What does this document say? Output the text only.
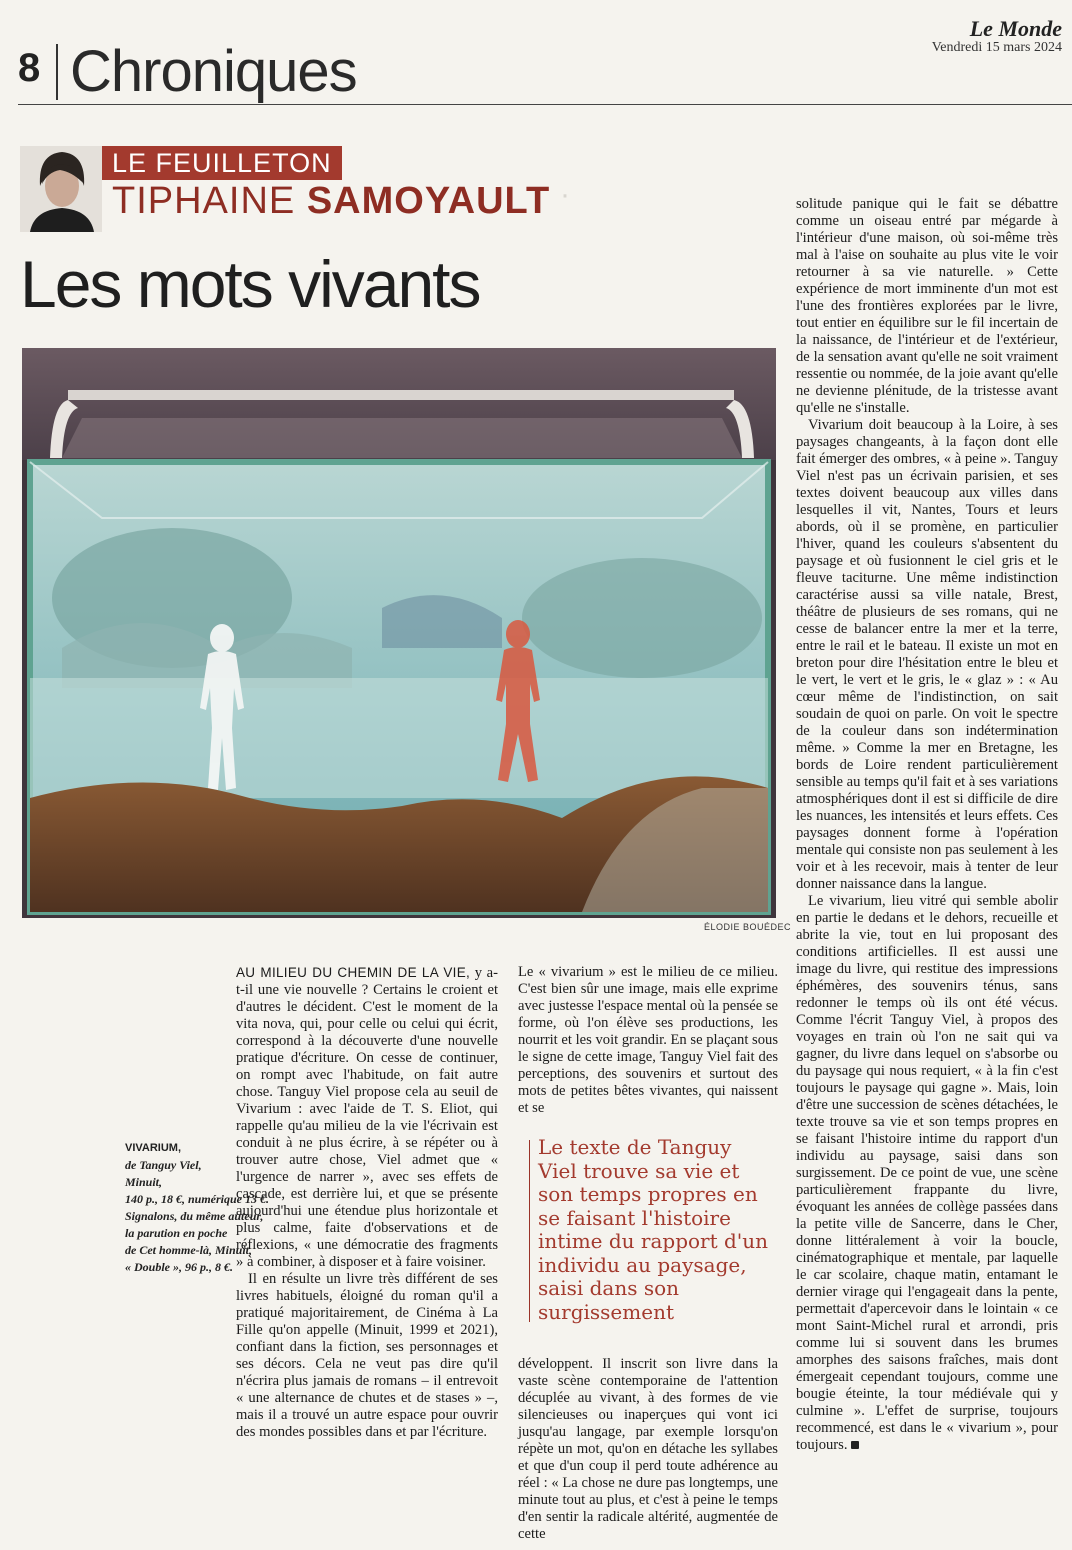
·
8 Chroniques
Le Monde
Vendredi 15 mars 2024
LE FEUILLETON
TIPHAINE SAMOYAULT
Les mots vivants
ÉLODIE BOUÉDEC

solitude panique qui le fait se débattre comme un oiseau entré par mégarde à l'intérieur d'une maison, où soi-même très mal à l'aise on souhaite au plus vite le voir retourner à sa vie naturelle. » Cette expérience de mort imminente d'un mot est l'une des frontières explorées par le livre, tout entier en équilibre sur le fil incertain de la naissance, de l'intérieur et de l'extérieur, de la sensation avant qu'elle ne soit vraiment ressentie ou nommée, de la joie avant qu'elle ne devienne plénitude, de la tristesse avant qu'elle ne s'installe.

Vivarium doit beaucoup à la Loire, à ses paysages changeants, à la façon dont elle fait émerger des ombres, « à peine ». Tanguy Viel n'est pas un écrivain parisien, et ses textes doivent beaucoup aux villes dans lesquelles il vit, Nantes, Tours et leurs abords, où il se promène, en particulier l'hiver, quand les couleurs s'absentent du paysage et où fusionnent le ciel gris et le fleuve taciturne. Une même indistinction caractérise aussi sa ville natale, Brest, théâtre de plusieurs de ses romans, qui ne cesse de balancer entre la mer et la terre, entre le rail et le bateau. Il existe un mot en breton pour dire l'hésitation entre le bleu et le vert, le vert et le gris, le « glaz » : « Au cœur même de l'indistinction, on sait soudain de quoi on parle. On voit le spectre de la couleur dans son indétermination même. » Comme la mer en Bretagne, les bords de Loire rendent particulièrement sensible au temps qu'il fait et à ses variations atmosphériques dont il est si difficile de dire les nuances, les intensités et leurs effets. Ces paysages donnent forme à l'opération mentale qui consiste non pas seulement à les voir et à les recevoir, mais à tenter de leur donner naissance dans la langue.

Le vivarium, lieu vitré qui semble abolir en partie le dedans et le dehors, recueille et abrite la vie, tout en lui proposant des conditions artificielles. Il est aussi une image du livre, qui restitue des impressions éphémères, des souvenirs ténus, sans redonner le temps où ils ont été vécus. Comme l'écrit Tanguy Viel, à propos des voyages en train où l'on ne sait qui va gagner, du livre dans lequel on s'absorbe ou du paysage qui nous requiert, « à la fin c'est toujours le paysage qui gagne ». Mais, loin d'être une succession de scènes détachées, le texte trouve sa vie et son temps propres en se faisant l'histoire intime du rapport d'un individu au paysage, saisi dans son surgissement. De ce point de vue, une scène particulièrement frappante du livre, évoquant les années de collège passées dans la petite ville de Sancerre, dans le Cher, donne littéralement à voir la boucle, cinématographique et mentale, par laquelle le car scolaire, chaque matin, entamant le dernier virage qui l'engageait dans la pente, permettait d'apercevoir dans le lointain « ce mont Saint-Michel rural et arrondi, pris comme lui si souvent dans les brumes amorphes des saisons fraîches, mais dont émergeait cependant toujours, comme une bougie éteinte, la tour médiévale qui y culmine ». L'effet de surprise, toujours recommencé, est dans le « vivarium », pour toujours.

AU MILIEU DU CHEMIN DE LA VIE, y a-t-il une vie nouvelle ? Certains le croient et d'autres le décident. C'est le moment de la vita nova, qui, pour celle ou celui qui écrit, correspond à la découverte d'une nouvelle pratique d'écriture. On cesse de continuer, on rompt avec l'habitude, on fait autre chose. Tanguy Viel propose cela au seuil de Vivarium : avec l'aide de T. S. Eliot, qui rappelle qu'au milieu de la vie l'écrivain est conduit à ne plus écrire, à se répéter ou à trouver autre chose, Viel admet que « l'urgence de narrer », avec ses effets de cascade, est derrière lui, et que se présente aujourd'hui une étendue plus horizontale et plus calme, faite d'observations et de réflexions, « une démocratie des fragments » à combiner, à disposer et à faire voisiner.

Il en résulte un livre très différent de ses livres habituels, éloigné du roman qu'il a pratiqué majoritairement, de Cinéma à La Fille qu'on appelle (Minuit, 1999 et 2021), confiant dans la fiction, ses personnages et ses décors. Cela ne veut pas dire qu'il n'écrira plus jamais de romans – il entrevoit « une alternance de chutes et de stases » –, mais il a trouvé un autre espace pour ouvrir des mondes possibles dans et par l'écriture.

VIVARIUM,
de Tanguy Viel,
Minuit,
140 p., 18 €, numérique 13 €.
Signalons, du même auteur,
la parution en poche
de Cet homme-là, Minuit,
« Double », 96 p., 8 €.

Le « vivarium » est le milieu de ce milieu. C'est bien sûr une image, mais elle exprime avec justesse l'espace mental où la pensée se forme, où l'on élève ses productions, les nourrit et les voit grandir. En se plaçant sous le signe de cette image, Tanguy Viel fait des perceptions, des souvenirs et surtout des mots de petites bêtes vivantes, qui naissent et se

Le texte de Tanguy Viel trouve sa vie et son temps propres en se faisant l'histoire intime du rapport d'un individu au paysage, saisi dans son surgissement

développent. Il inscrit son livre dans la vaste scène contemporaine de l'attention décuplée au vivant, à des formes de vie silencieuses ou inaperçues qui vont ici jusqu'au langage, par exemple lorsqu'on répète un mot, qu'on en détache les syllabes et que d'un coup il perd toute adhérence au réel : « La chose ne dure pas longtemps, une minute tout au plus, et c'est à peine le temps d'en sentir la radicale altérité, augmentée de cette
